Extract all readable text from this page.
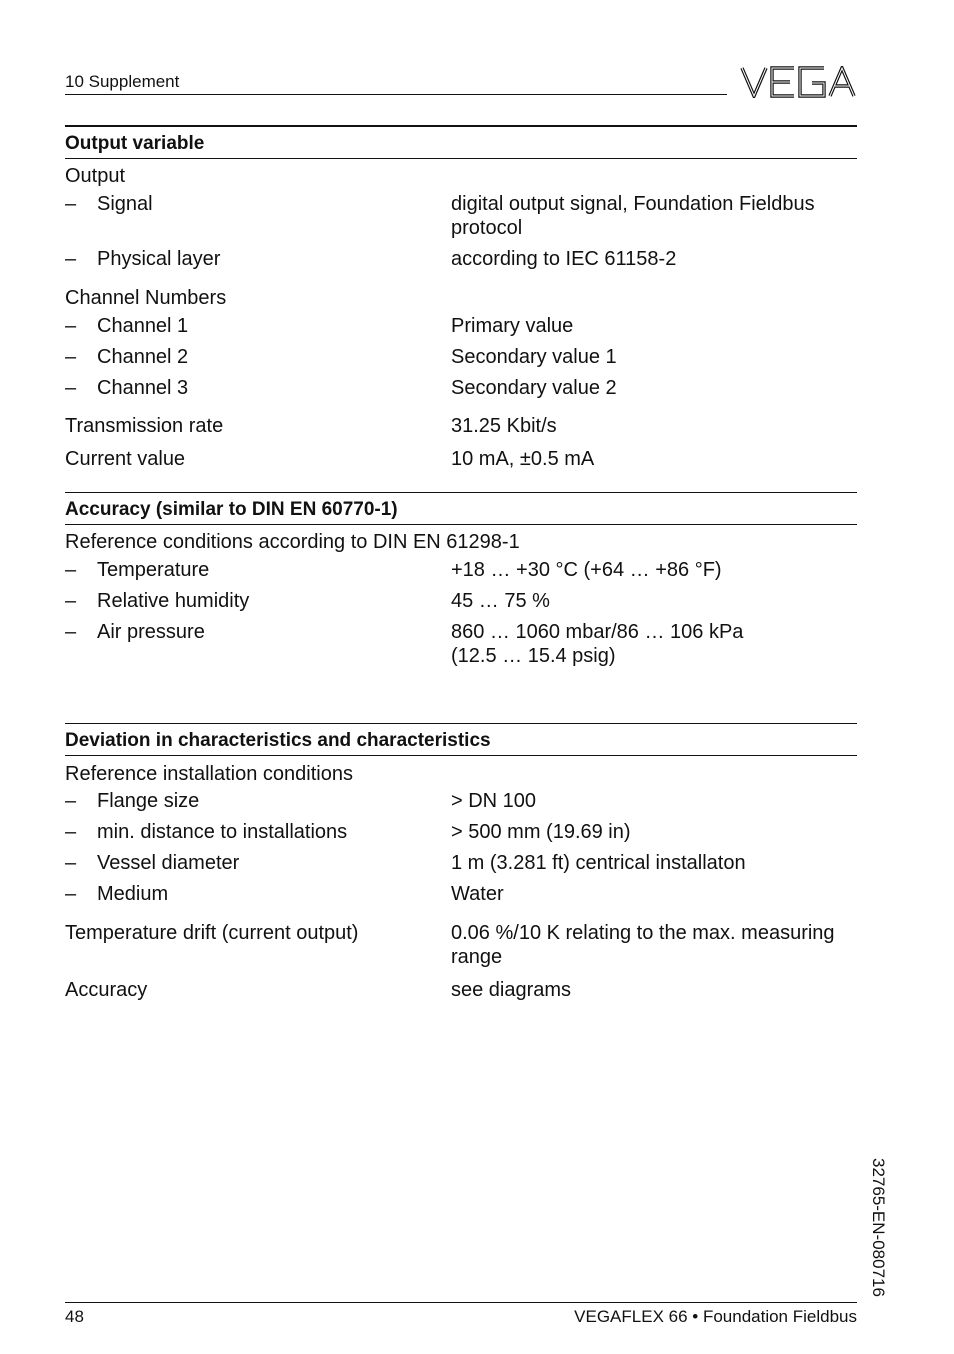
10 Supplement
Output variable
Output
– Signal	digital output signal, Foundation Fieldbus
protocol
– Physical layer	according to IEC 61158-2
Channel Numbers
– Channel 1	Primary value
– Channel 2	Secondary value 1
– Channel 3	Secondary value 2
Transmission rate	31.25 Kbit/s
Current value	10 mA, ±0.5 mA
Accuracy (similar to DIN EN 60770-1)
Reference conditions according to DIN EN 61298-1
– Temperature	+18 … +30 °C (+64 … +86 °F)
– Relative humidity	45 … 75 %
– Air pressure	860 … 1060 mbar/86 … 106 kPa
(12.5 … 15.4 psig)
Deviation in characteristics and characteristics
Reference installation conditions
– Flange size	> DN 100
– min. distance to installations	> 500 mm (19.69 in)
– Vessel diameter	1 m (3.281 ft) centrical installaton
– Medium	Water
Temperature drift (current output)	0.06 %/10 K relating to the max. measuring
range
Accuracy	see diagrams
32765-EN-080716
48	VEGAFLEX 66 • Foundation Fieldbus
